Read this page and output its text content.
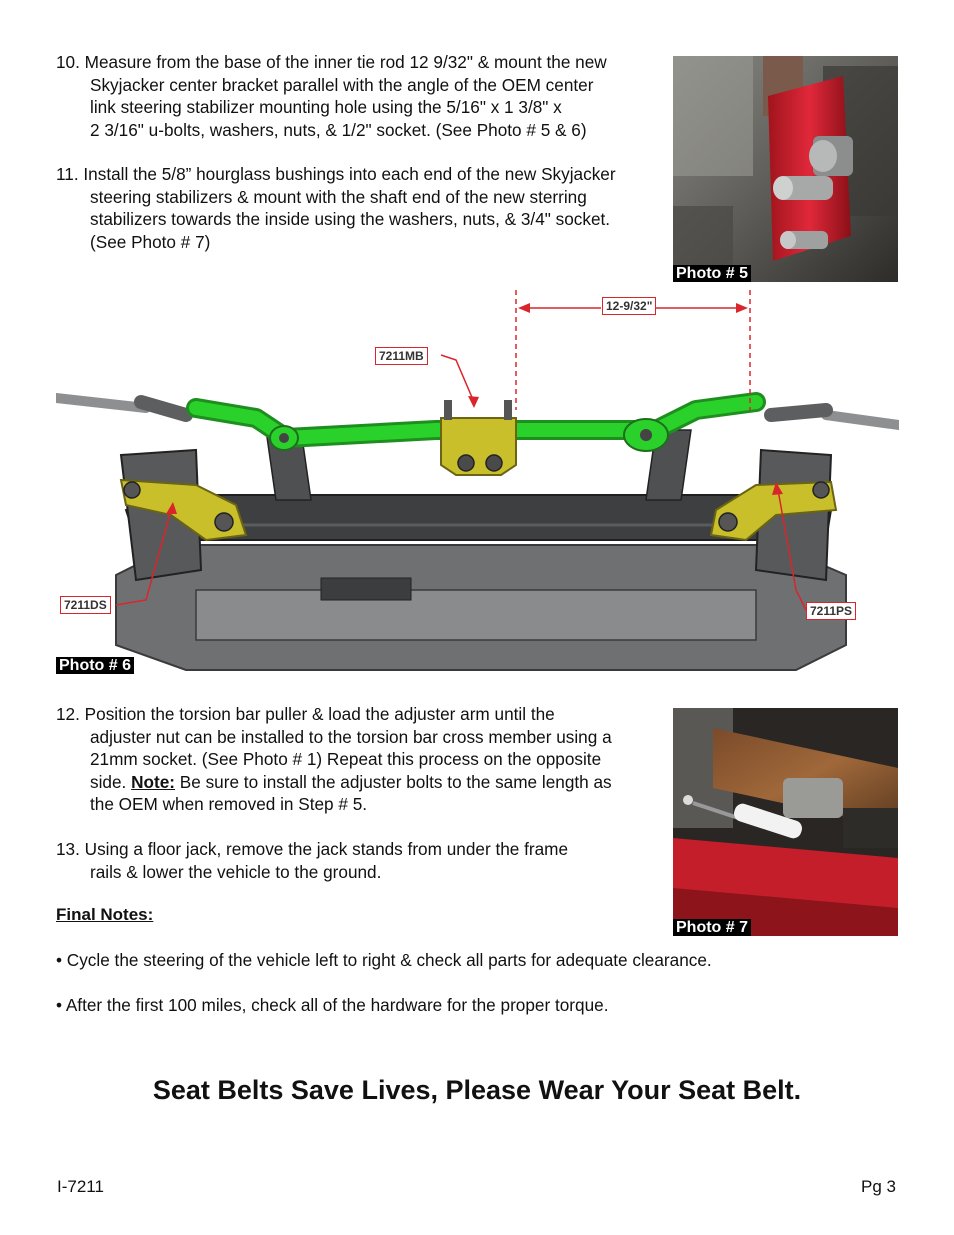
10. Measure from the base of the inner tie rod 12 9/32" & mount the new
Skyjacker center bracket parallel with the angle of the OEM center
link steering stabilizer mounting hole using the 5/16" x 1 3/8" x
2 3/16" u-bolts, washers, nuts, & 1/2" socket. (See Photo # 5 & 6)
11. Install the 5/8” hourglass bushings into each end of the new Skyjacker
steering stabilizers & mount with the shaft end of the new sterring
stabilizers towards the inside using the washers, nuts, & 3/4" socket.
(See Photo # 7)
Photo # 5
12-9/32"
7211MB
7211DS	7211PS
Photo # 6
12. Position the torsion bar puller & load the adjuster arm until the
adjuster nut can be installed to the torsion bar cross member using a
21mm socket. (See Photo # 1) Repeat this process on the opposite
side. Note: Be sure to install the adjuster bolts to the same length as
the OEM when removed in Step # 5.
13. Using a floor jack, remove the jack stands from under the frame
rails & lower the vehicle to the ground.
Photo # 7
Final Notes:
• Cycle the steering of the vehicle left to right & check all parts for adequate clearance.
• After the first 100 miles, check all of the hardware for the proper torque.
Seat Belts Save Lives, Please Wear Your Seat Belt.
I-7211	Pg 3
